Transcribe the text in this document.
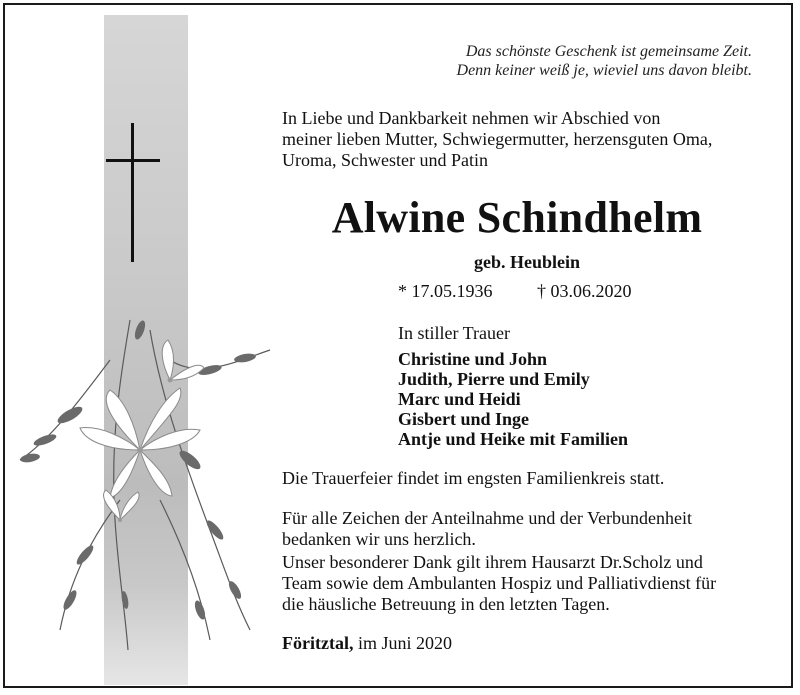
Das schönste Geschenk ist gemeinsame Zeit.
Denn keiner weiß je, wieviel uns davon bleibt.
In Liebe und Dankbarkeit nehmen wir Abschied von
meiner lieben Mutter, Schwiegermutter, herzensguten Oma,
Uroma, Schwester und Patin
Alwine Schindhelm
geb. Heublein
* 17.05.1936 † 03.06.2020
In stiller Trauer
Christine und John
Judith, Pierre und Emily
Marc und Heidi
Gisbert und Inge
Antje und Heike mit Familien
Die Trauerfeier findet im engsten Familienkreis statt.
Für alle Zeichen der Anteilnahme und der Verbundenheit
bedanken wir uns herzlich.
Unser besonderer Dank gilt ihrem Hausarzt Dr.Scholz und
Team sowie dem Ambulanten Hospiz und Palliativdienst für
die häusliche Betreuung in den letzten Tagen.
Föritztal, im Juni 2020
